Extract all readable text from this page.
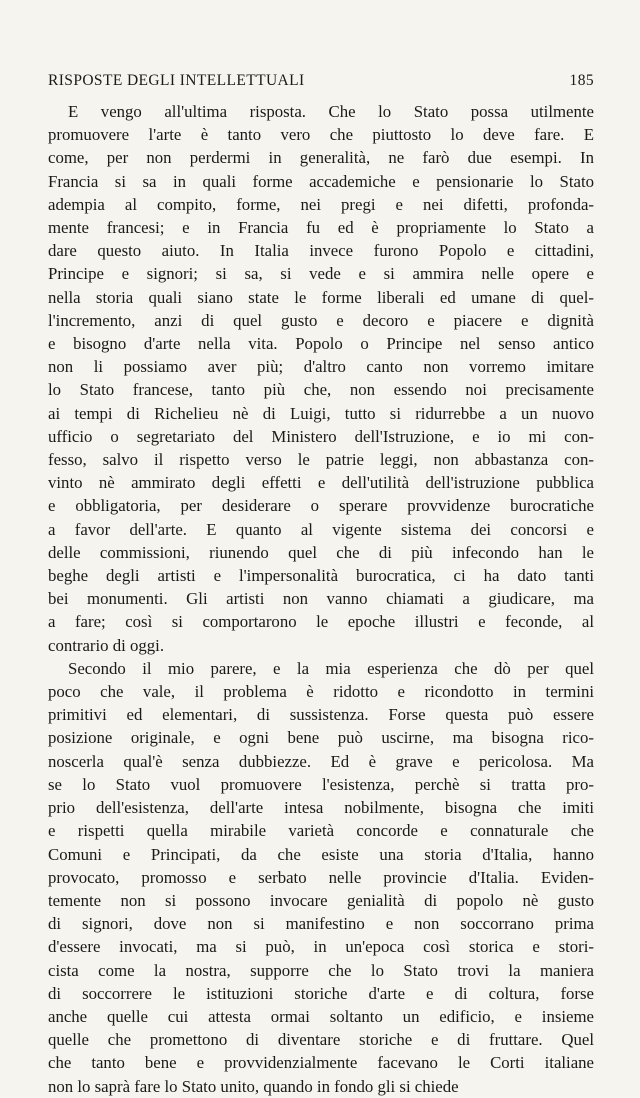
RISPOSTE DEGLI INTELLETTUALI	185

E vengo all'ultima risposta. Che lo Stato possa utilmente

promuovere l'arte è tanto vero che piuttosto lo deve fare. E

come, per non perdermi in generalità, ne farò due esempi. In

Francia si sa in quali forme accademiche e pensionarie lo Stato

adempia al compito, forme, nei pregi e nei difetti, profonda-

mente francesi; e in Francia fu ed è propriamente lo Stato a

dare questo aiuto. In Italia invece furono Popolo e cittadini,

Principe e signori; si sa, si vede e si ammira nelle opere e

nella storia quali siano state le forme liberali ed umane di quel-

l'incremento, anzi di quel gusto e decoro e piacere e dignità

e bisogno d'arte nella vita. Popolo o Principe nel senso antico

non li possiamo aver più; d'altro canto non vorremo imitare

lo Stato francese, tanto più che, non essendo noi precisamente

ai tempi di Richelieu nè di Luigi, tutto si ridurrebbe a un nuovo

ufficio o segretariato del Ministero dell'Istruzione, e io mi con-

fesso, salvo il rispetto verso le patrie leggi, non abbastanza con-

vinto nè ammirato degli effetti e dell'utilità dell'istruzione pubblica

e obbligatoria, per desiderare o sperare provvidenze burocratiche

a favor dell'arte. E quanto al vigente sistema dei concorsi e

delle commissioni, riunendo quel che di più infecondo han le

beghe degli artisti e l'impersonalità burocratica, ci ha dato tanti

bei monumenti. Gli artisti non vanno chiamati a giudicare, ma

a fare; così si comportarono le epoche illustri e feconde, al

contrario di oggi.

Secondo il mio parere, e la mia esperienza che dò per quel

poco che vale, il problema è ridotto e ricondotto in termini

primitivi ed elementari, di sussistenza. Forse questa può essere

posizione originale, e ogni bene può uscirne, ma bisogna rico-

noscerla qual'è senza dubbiezze. Ed è grave e pericolosa. Ma

se lo Stato vuol promuovere l'esistenza, perchè si tratta pro-

prio dell'esistenza, dell'arte intesa nobilmente, bisogna che imiti

e rispetti quella mirabile varietà concorde e connaturale che

Comuni e Principati, da che esiste una storia d'Italia, hanno

provocato, promosso e serbato nelle provincie d'Italia. Eviden-

temente non si possono invocare genialità di popolo nè gusto

di signori, dove non si manifestino e non soccorrano prima

d'essere invocati, ma si può, in un'epoca così storica e stori-

cista come la nostra, supporre che lo Stato trovi la maniera

di soccorrere le istituzioni storiche d'arte e di coltura, forse

anche quelle cui attesta ormai soltanto un edificio, e insieme

quelle che promettono di diventare storiche e di fruttare. Quel

che tanto bene e provvidenzialmente facevano le Corti italiane

non lo saprà fare lo Stato unito, quando in fondo gli si chiede
